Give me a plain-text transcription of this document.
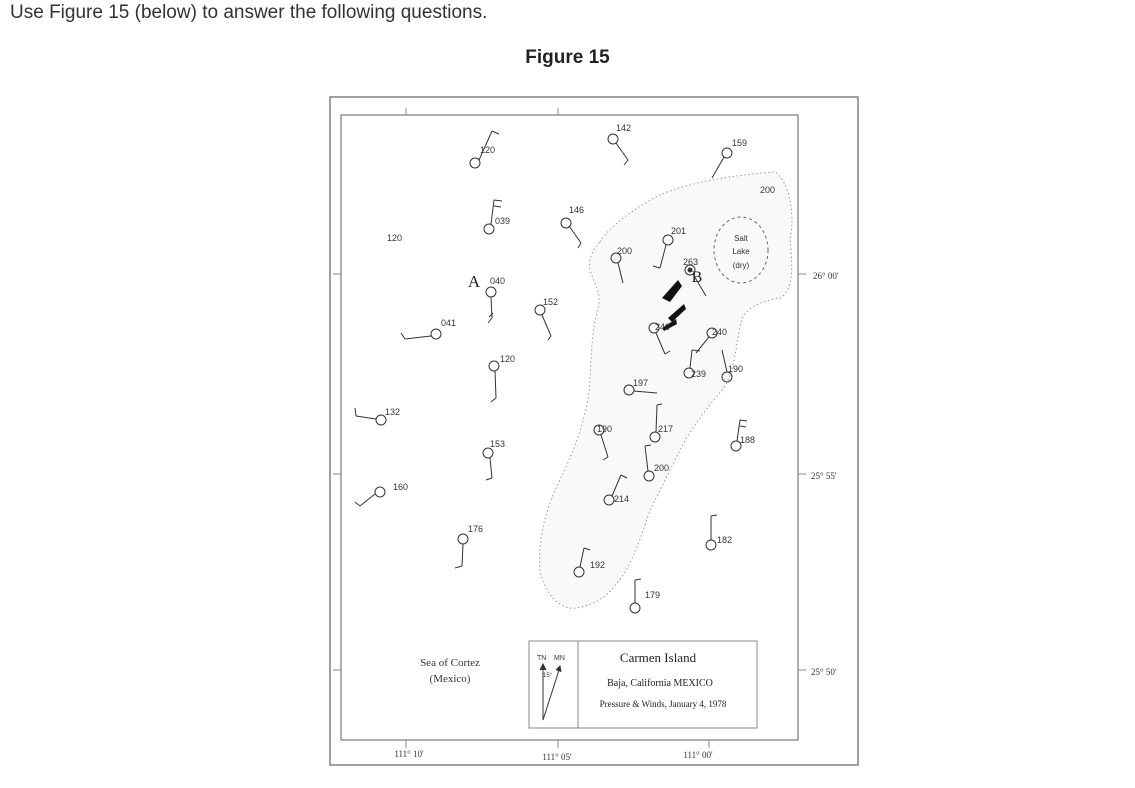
Use Figure 15 (below) to answer the following questions.
Figure 15
Salt
Lake
(dry)
A	B
120
142
159
200
039
146
201
120
200
263
040
152
041	240	240
120
239 190
197
132
190	217
188
153
200
160
214
176
182
192
179
Sea of Cortez
(Mexico)
TN MN
15°
Carmen Island
Baja, California MEXICO
Pressure & Winds, January 4, 1978
111° 10'	111° 05'	111° 00'
26° 00'
25° 55'
25° 50'
